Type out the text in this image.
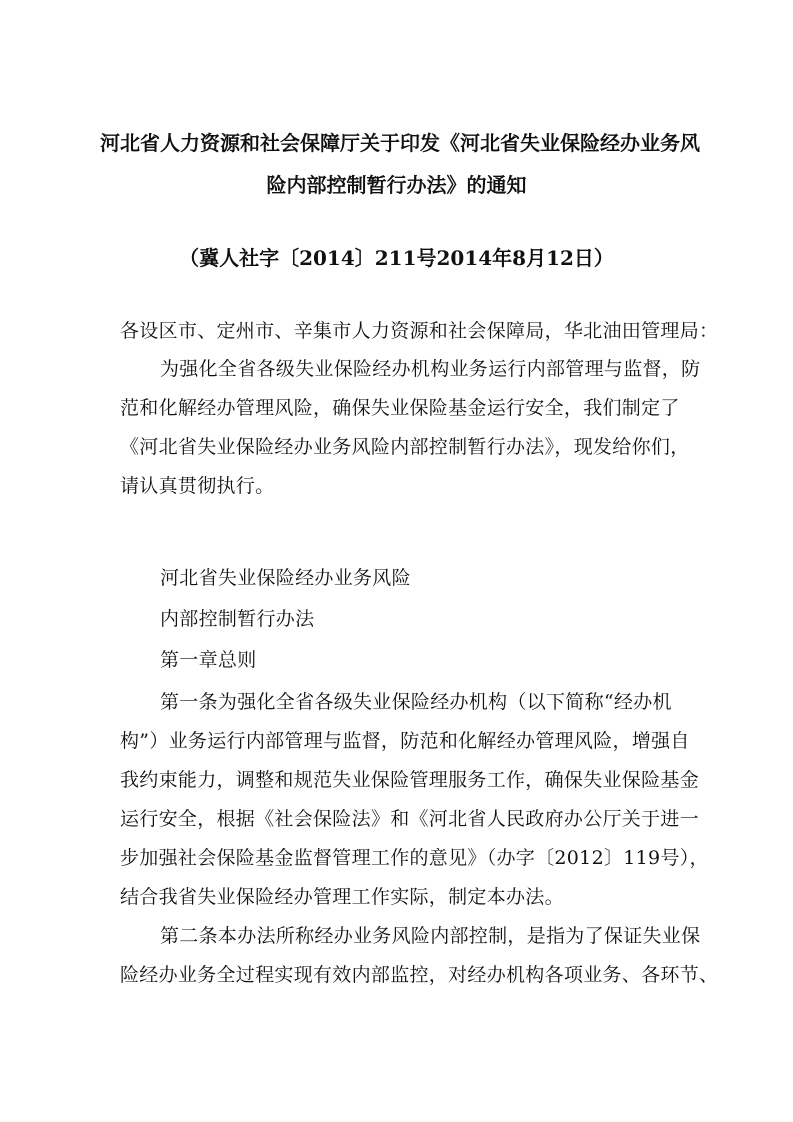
河北省人力资源和社会保障厅关于印发《河北省失业保险经办业务风
险内部控制暂行办法》的通知
（冀人社字〔2014〕211号2014年8月12日）
各设区市、定州市、辛集市人力资源和社会保障局，华北油田管理局：
为强化全省各级失业保险经办机构业务运行内部管理与监督，防
范和化解经办管理风险，确保失业保险基金运行安全，我们制定了
《河北省失业保险经办业务风险内部控制暂行办法》，现发给你们，
请认真贯彻执行。
河北省失业保险经办业务风险
内部控制暂行办法
第一章总则
第一条为强化全省各级失业保险经办机构（以下简称“经办机
构”）业务运行内部管理与监督，防范和化解经办管理风险，增强自
我约束能力，调整和规范失业保险管理服务工作，确保失业保险基金
运行安全，根据《社会保险法》和《河北省人民政府办公厅关于进一
步加强社会保险基金监督管理工作的意见》（办字〔2012〕119号），
结合我省失业保险经办管理工作实际，制定本办法。
第二条本办法所称经办业务风险内部控制，是指为了保证失业保
险经办业务全过程实现有效内部监控，对经办机构各项业务、各环节、
